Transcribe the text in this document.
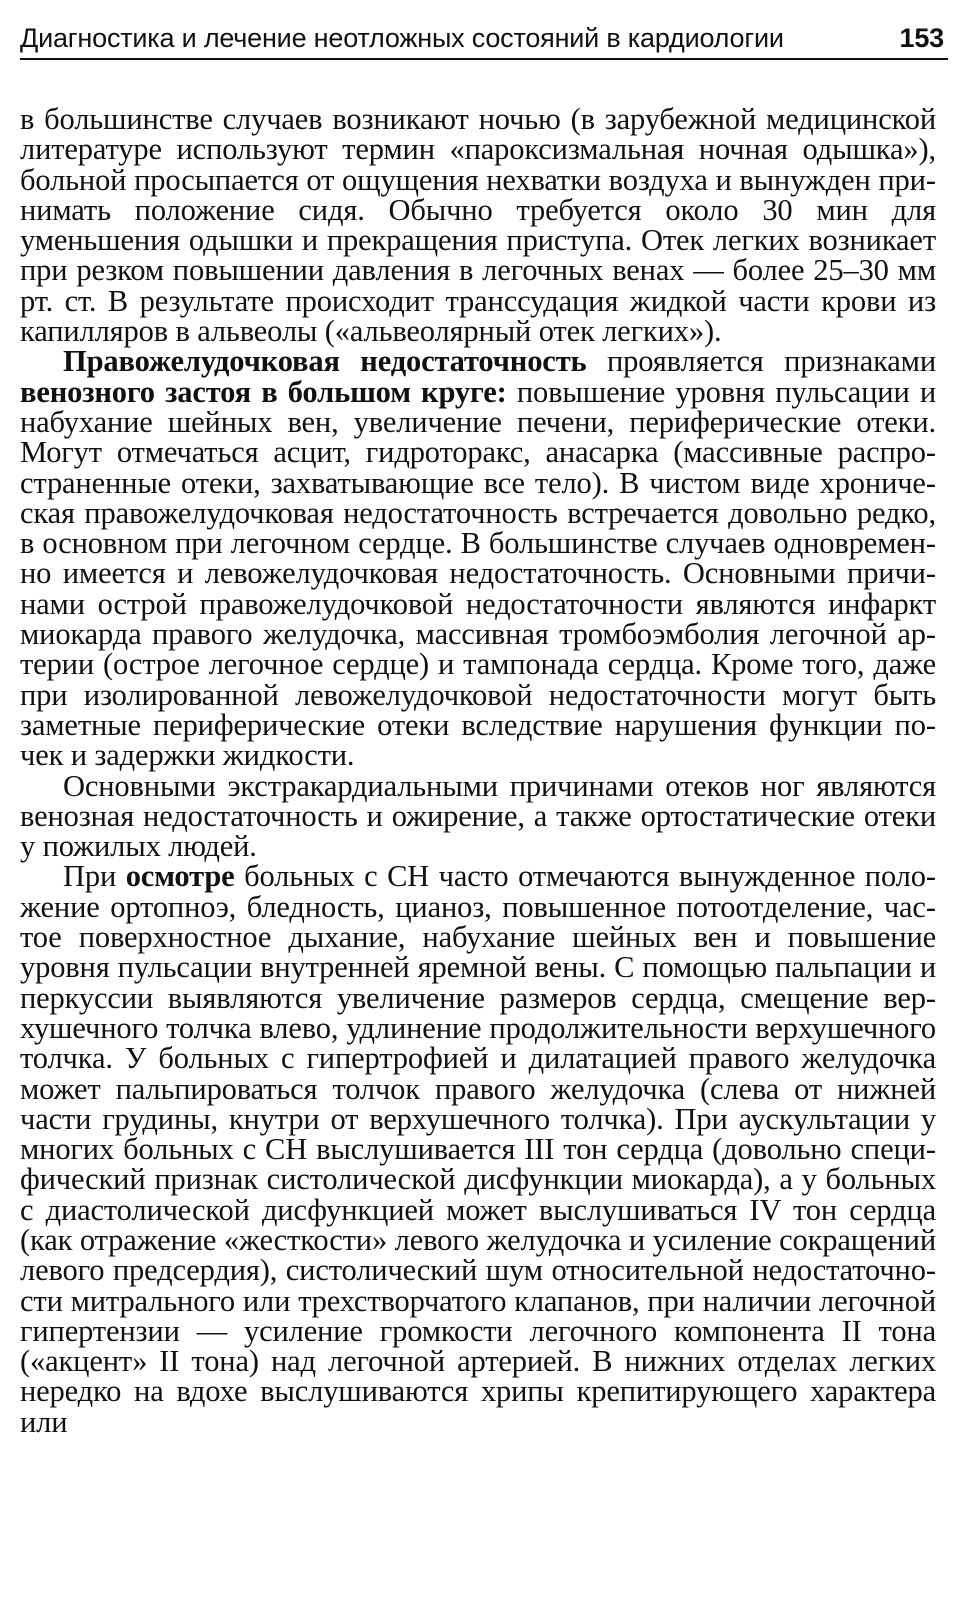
Диагностика и лечение неотложных состояний в кардиологии	153

в большинстве случаев возникают ночью (в зарубежной медицинской литературе используют термин «пароксизмальная ночная одышка»), больной просыпается от ощущения нехватки воздуха и вынужден принимать положение сидя. Обычно требуется около 30 мин для уменьшения одышки и прекращения приступа. Отек легких возникает при резком повышении давления в легочных венах — более 25–30 мм рт. ст. В результате происходит транссудация жидкой части крови из капилляров в альвеолы («альвеолярный отек легких»).

Правожелудочковая недостаточность проявляется признаками венозного застоя в большом круге: повышение уровня пульсации и набухание шейных вен, увеличение печени, периферические отеки. Могут отмечаться асцит, гидроторакс, анасарка (массивные распространенные отеки, захватывающие все тело). В чистом виде хроническая правожелудочковая недостаточность встречается довольно редко, в основном при легочном сердце. В большинстве случаев одновременно имеется и левожелудочковая недостаточность. Основными причинами острой правожелудочковой недостаточности являются инфаркт миокарда правого желудочка, массивная тромбоэмболия легочной артерии (острое легочное сердце) и тампонада сердца. Кроме того, даже при изолированной левожелудочковой недостаточности могут быть заметные периферические отеки вследствие нарушения функции почек и задержки жидкости.

Основными экстракардиальными причинами отеков ног являются венозная недостаточность и ожирение, а также ортостатические отеки у пожилых людей.

При осмотре больных с СН часто отмечаются вынужденное положение ортопноэ, бледность, цианоз, повышенное потоотделение, частое поверхностное дыхание, набухание шейных вен и повышение уровня пульсации внутренней яремной вены. С помощью пальпации и перкуссии выявляются увеличение размеров сердца, смещение верхушечного толчка влево, удлинение продолжительности верхушечного толчка. У больных с гипертрофией и дилатацией правого желудочка может пальпироваться толчок правого желудочка (слева от нижней части грудины, кнутри от верхушечного толчка). При аускультации у многих больных с СН выслушивается III тон сердца (довольно специфический признак систолической дисфункции миокарда), а у больных с диастолической дисфункцией может выслушиваться IV тон сердца (как отражение «жесткости» левого желудочка и усиление сокращений левого предсердия), систолический шум относительной недостаточности митрального или трехстворчатого клапанов, при наличии легочной гипертензии — усиление громкости легочного компонента II тона («акцент» II тона) над легочной артерией. В нижних отделах легких нередко на вдохе выслушиваются хрипы крепитирующего характера или
